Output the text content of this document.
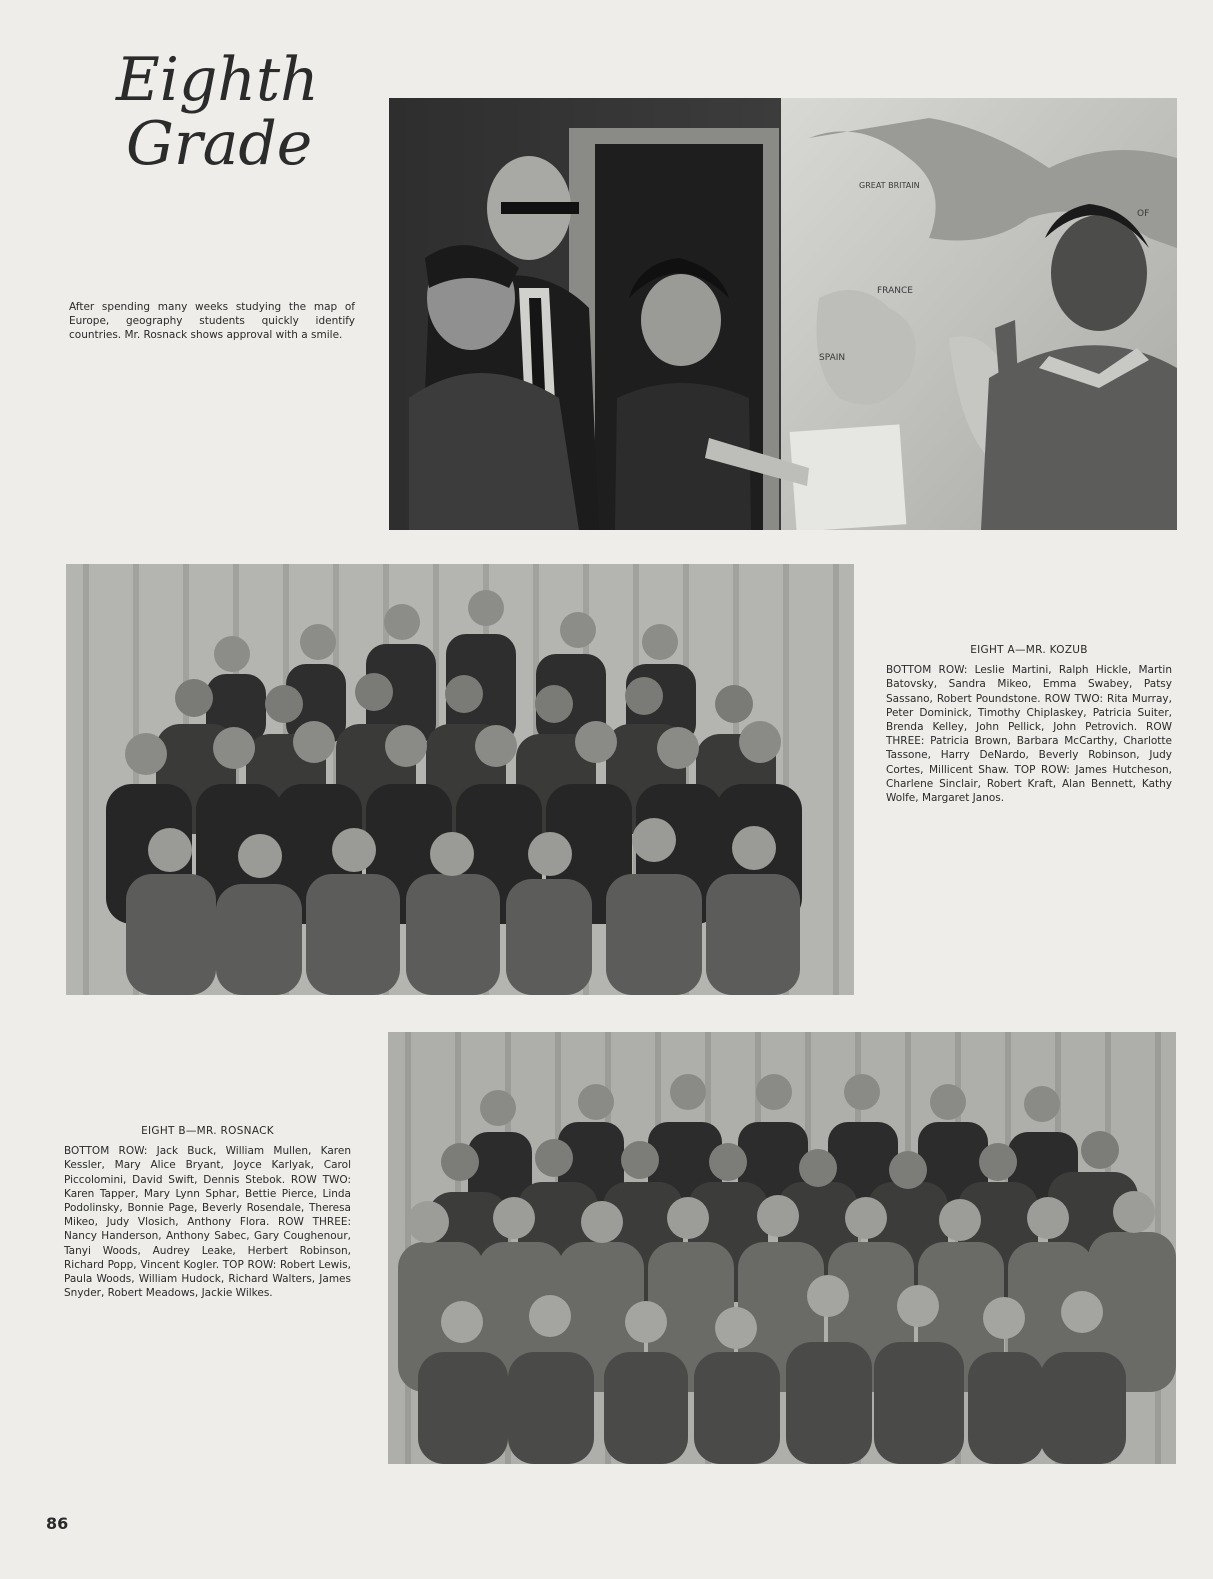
Eighth

Grade
After spending many weeks studying the map of Europe, geography students quickly identify countries. Mr. Rosnack shows approval with a smile.
FRANCE
SPAIN
GREAT BRITAIN
OF
EIGHT A—MR. KOZUB
BOTTOM ROW: Leslie Martini, Ralph Hickle, Martin Batovsky, Sandra Mikeo, Emma Swabey, Patsy Sassano, Robert Poundstone. ROW TWO: Rita Murray, Peter Dominick, Timothy Chiplaskey, Patricia Suiter, Brenda Kelley, John Pellick, John Petrovich. ROW THREE: Patricia Brown, Barbara McCarthy, Charlotte Tassone, Harry DeNardo, Beverly Robinson, Judy Cortes, Millicent Shaw. TOP ROW: James Hutcheson, Charlene Sinclair, Robert Kraft, Alan Bennett, Kathy Wolfe, Margaret Janos.
EIGHT B—MR. ROSNACK
BOTTOM ROW: Jack Buck, William Mullen, Karen Kessler, Mary Alice Bryant, Joyce Karlyak, Carol Piccolomini, David Swift, Dennis Stebok. ROW TWO: Karen Tapper, Mary Lynn Sphar, Bettie Pierce, Linda Podolinsky, Bonnie Page, Beverly Rosendale, Theresa Mikeo, Judy Vlosich, Anthony Flora. ROW THREE: Nancy Handerson, Anthony Sabec, Gary Coughenour, Tanyi Woods, Audrey Leake, Herbert Robinson, Richard Popp, Vincent Kogler. TOP ROW: Robert Lewis, Paula Woods, William Hudock, Richard Walters, James Snyder, Robert Meadows, Jackie Wilkes.
86
